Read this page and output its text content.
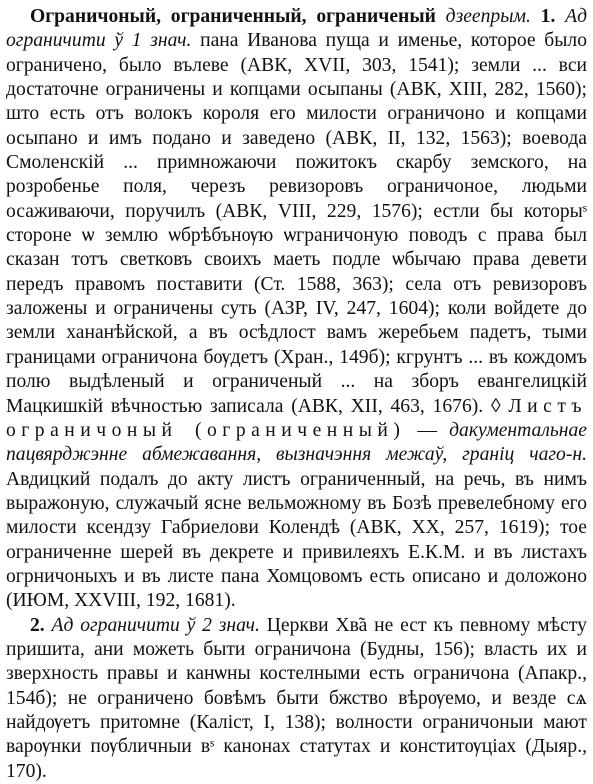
Ограничоный, ограниченный, ограниченый дзеепрым. 1. Ад ограничити ў 1 знач. пана Иванова пуща и именье, которое было ограничено, было вълеве (АВК, XVII, 303, 1541); земли ... вси достаточне ограничены и копцами осыпаны (АВК, XIII, 282, 1560); што есть отъ волокъ короля его милости ограничоно и копцами осыпано и имъ подано и заведено (АВК, II, 132, 1563); воевода Смоленскій ... примножаючи пожитокъ скарбу земского, на розробенье поля, черезъ ревизоровъ ограничоное, людьми осаживаючи, поручилъ (АВК, VIII, 229, 1576); естли бы которыˢ стороне ѡ землю ѡбрѣбънѹю ѡграничоную поводъ с права был сказан тотъ светковъ своихъ маеть подле ѡбычаю права девети передъ правомъ поставити (Ст. 1588, 363); села отъ ревизоровъ заложены и ограничены суть (АЗР, IV, 247, 1604); коли войдете до земли хананѣйской, а въ осѣдлост вамъ жеребьем падетъ, тыми границами ограничона бѹдетъ (Хран., 149б); кгрунтъ ... въ кождомъ полю выдѣленый и ограниченый ... на зборъ евангелицкій Мацкишкій вѣчностью записала (АВК, XII, 463, 1676). ◊ Листъ ограничоный (ограниченный) — дакументальнае пацвярджэнне абмежавання, вызначэння межаў, граніц чаго-н. Авдицкий подалъ до акту листъ ограниченный, на речь, въ нимъ выражоную, служачый ясне вельможному въ Бозѣ превелебному его милости ксендзу Габриелови Колендѣ (АВК, XX, 257, 1619); тое ограниченне шерей въ декрете и привилеяхъ Е.К.М. и въ листахъ огрничоныхъ и въ листе пана Хомцовомъ есть описано и доложоно (ИЮМ, XXVIII, 192, 1681).

2. Ад ограничити ў 2 знач. Церкви Хв̃а не ест къ певному мѣсту пришита, ани можеть быти ограничона (Будны, 156); власть их и зверхность правы и канѡны костелными есть ограничона (Апакр., 154б); не ограничено бовѣмъ быти бжство вѣрѹемо, и везде сѧ найдѹетъ притомне (Каліст, I, 138); волности ограничоныи мают варѹнки пѹбличныи вˢ канонах статутах и конститѹціах (Дыяр., 170).
